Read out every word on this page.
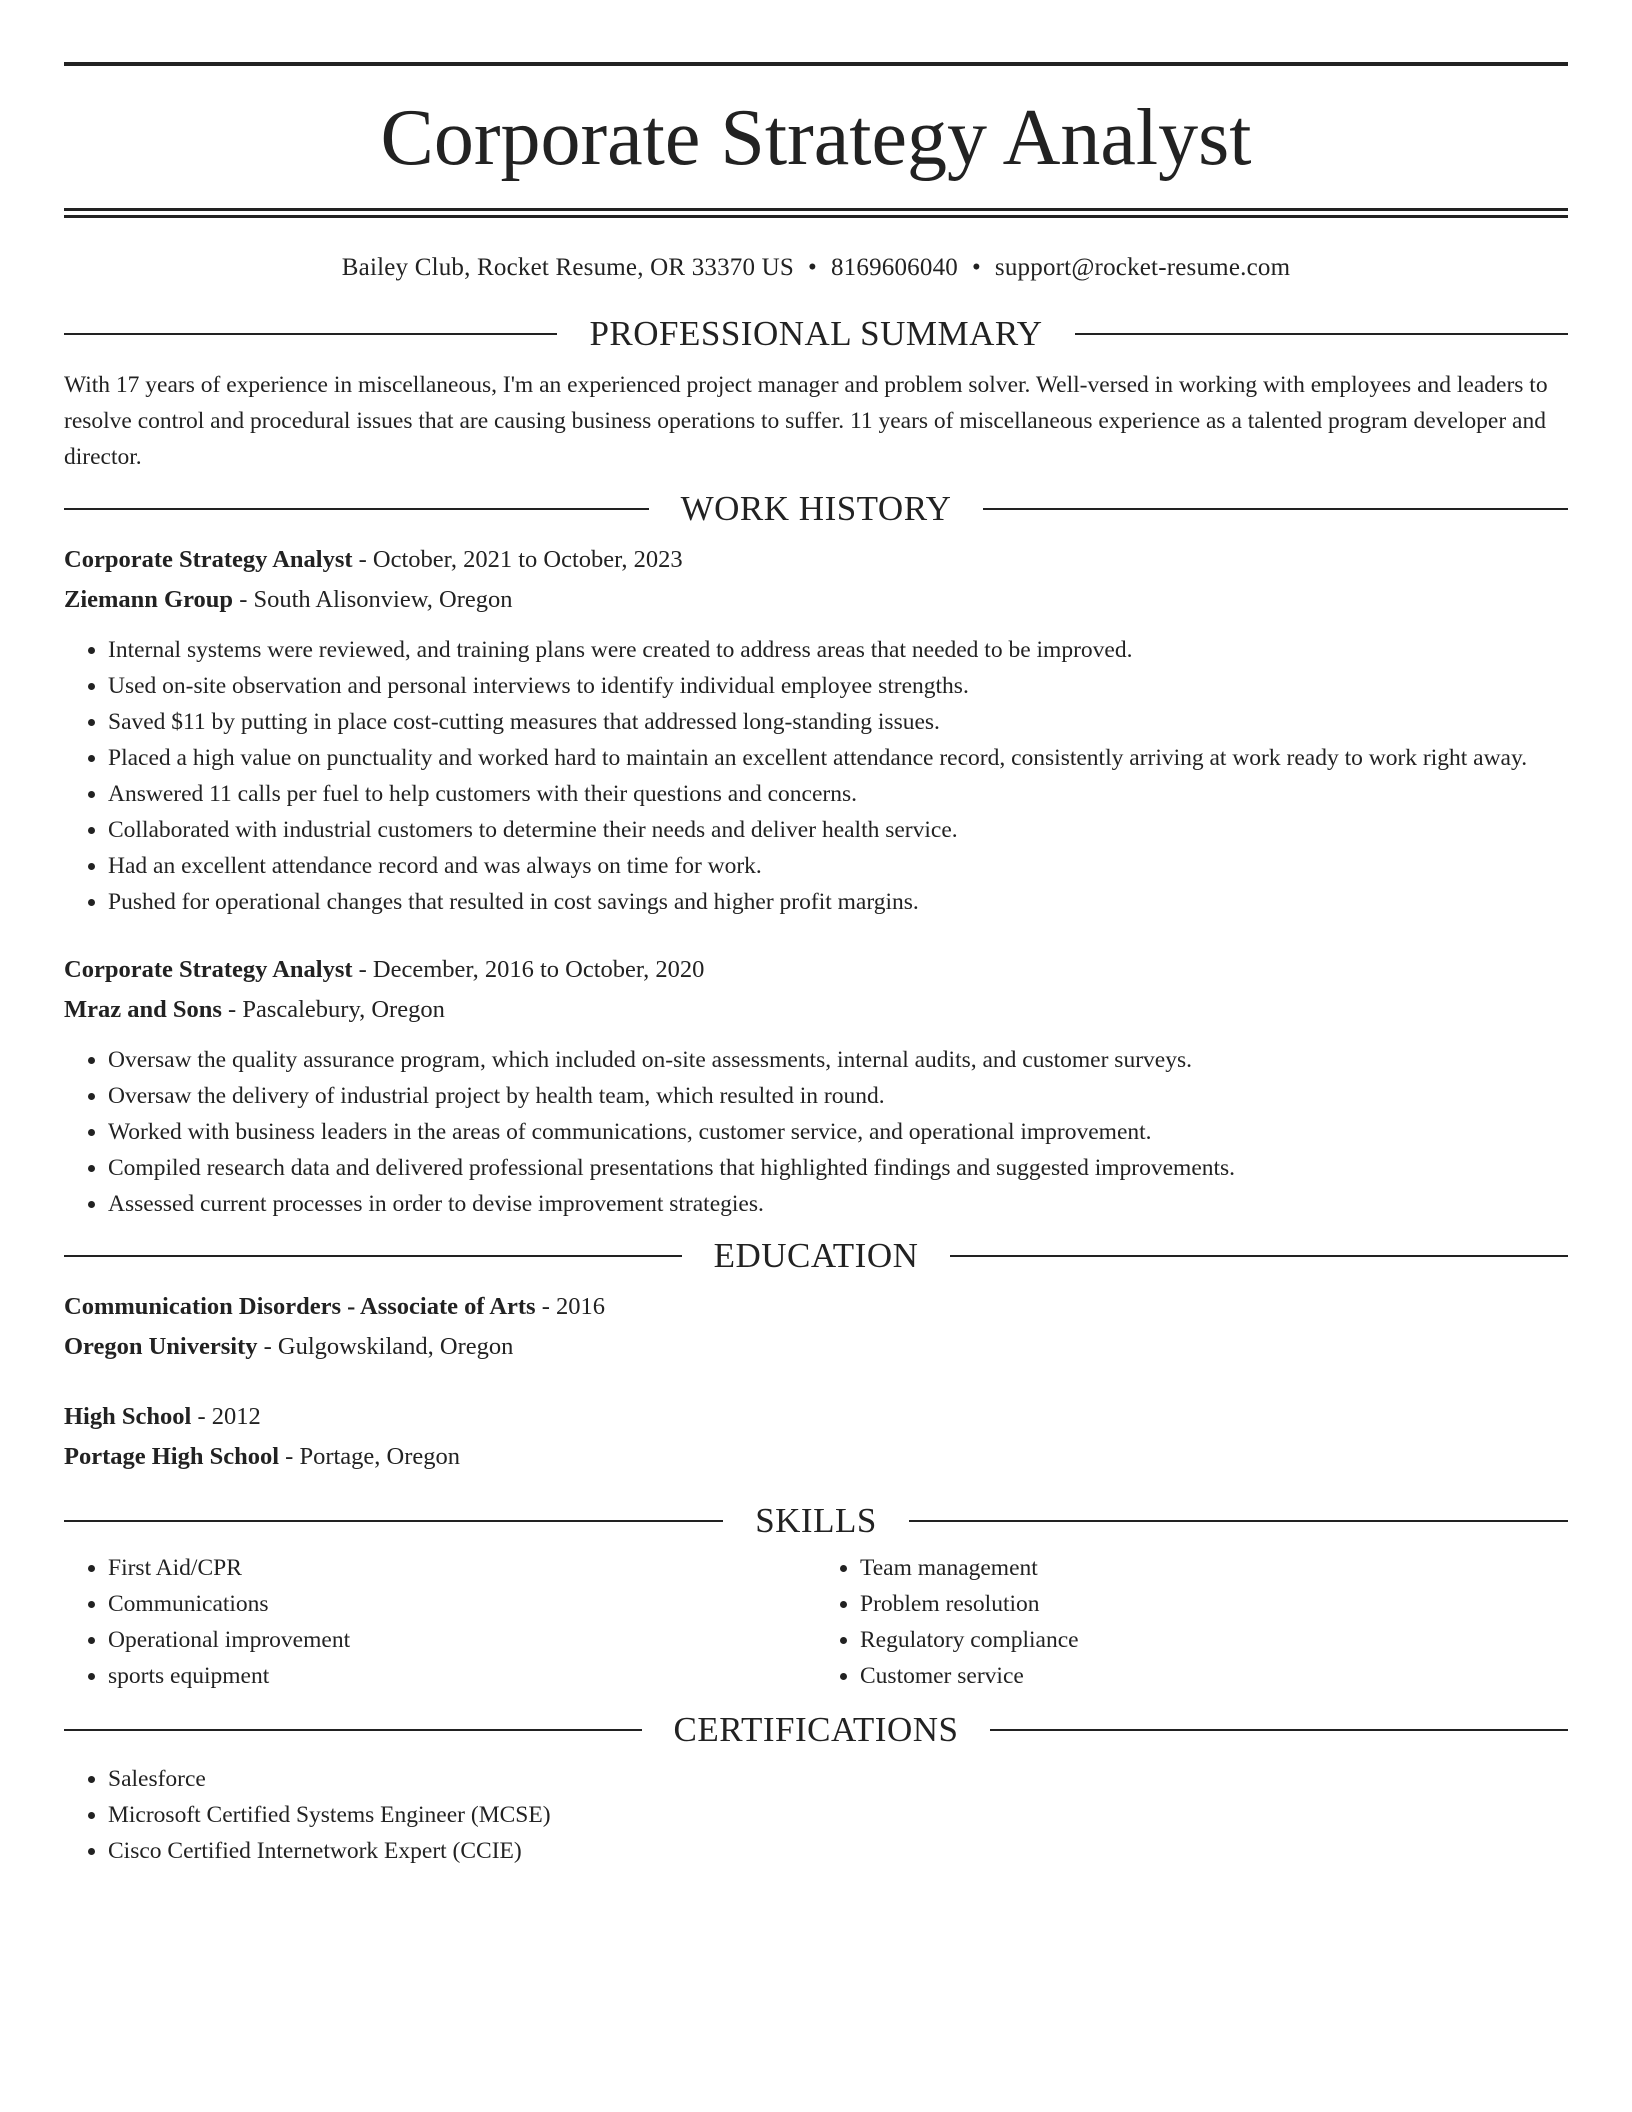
Corporate Strategy Analyst
Bailey Club, Rocket Resume, OR 33370 US • 8169606040 • support@rocket-resume.com
PROFESSIONAL SUMMARY

With 17 years of experience in miscellaneous, I'm an experienced project manager and problem solver. Well-versed in working with employees and leaders to resolve control and procedural issues that are causing business operations to suffer. 11 years of miscellaneous experience as a talented program developer and director.

WORK HISTORY
Corporate Strategy Analyst - October, 2021 to October, 2023
Ziemann Group - South Alisonview, Oregon
• Internal systems were reviewed, and training plans were created to address areas that needed to be improved.
• Used on-site observation and personal interviews to identify individual employee strengths.
• Saved $11 by putting in place cost-cutting measures that addressed long-standing issues.
• Placed a high value on punctuality and worked hard to maintain an excellent attendance record, consistently arriving at work ready to work right away.
• Answered 11 calls per fuel to help customers with their questions and concerns.
• Collaborated with industrial customers to determine their needs and deliver health service.
• Had an excellent attendance record and was always on time for work.
• Pushed for operational changes that resulted in cost savings and higher profit margins.
Corporate Strategy Analyst - December, 2016 to October, 2020
Mraz and Sons - Pascalebury, Oregon
• Oversaw the quality assurance program, which included on-site assessments, internal audits, and customer surveys.
• Oversaw the delivery of industrial project by health team, which resulted in round.
• Worked with business leaders in the areas of communications, customer service, and operational improvement.
• Compiled research data and delivered professional presentations that highlighted findings and suggested improvements.
• Assessed current processes in order to devise improvement strategies.
EDUCATION
Communication Disorders - Associate of Arts - 2016
Oregon University - Gulgowskiland, Oregon
High School - 2012
Portage High School - Portage, Oregon
SKILLS
• First Aid/CPR
• Communications
• Operational improvement
• sports equipment
• Team management
• Problem resolution
• Regulatory compliance
• Customer service
CERTIFICATIONS
• Salesforce
• Microsoft Certified Systems Engineer (MCSE)
• Cisco Certified Internetwork Expert (CCIE)
